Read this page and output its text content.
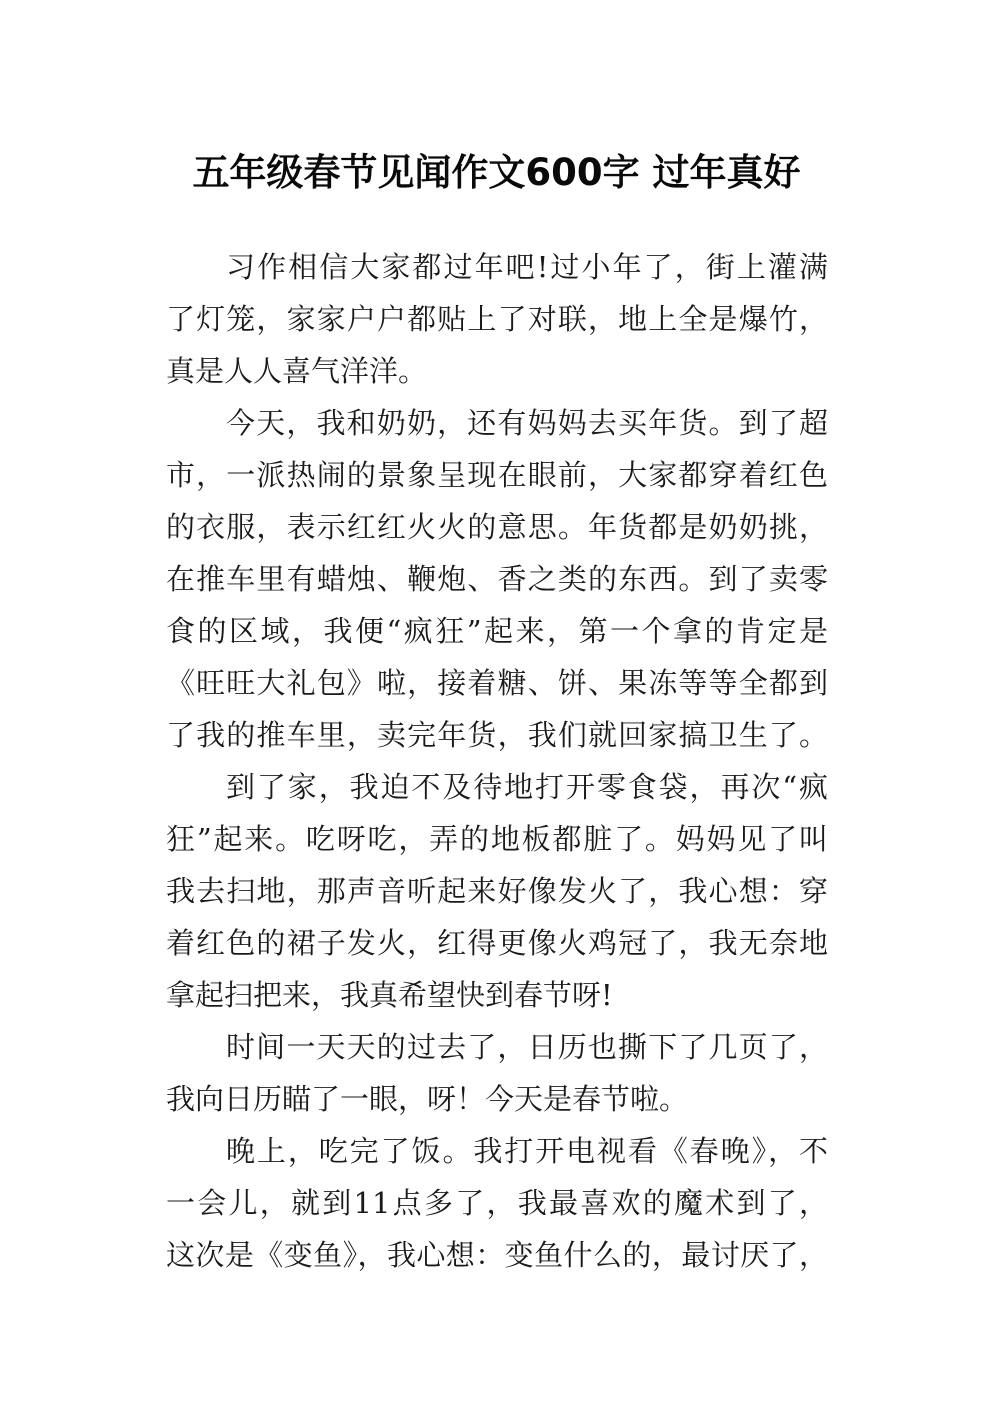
五年级春节见闻作文600字 过年真好
习作相信大家都过年吧!过小年了，街上灌满
了灯笼，家家户户都贴上了对联，地上全是爆竹，
真是人人喜气洋洋。
今天，我和奶奶，还有妈妈去买年货。到了超
市，一派热闹的景象呈现在眼前，大家都穿着红色
的衣服，表示红红火火的意思。年货都是奶奶挑，
在推车里有蜡烛、鞭炮、香之类的东西。到了卖零
食的区域，我便“疯狂”起来，第一个拿的肯定是
《旺旺大礼包》啦，接着糖、饼、果冻等等全都到
了我的推车里，卖完年货，我们就回家搞卫生了。
到了家，我迫不及待地打开零食袋，再次“疯
狂”起来。吃呀吃，弄的地板都脏了。妈妈见了叫
我去扫地，那声音听起来好像发火了，我心想：穿
着红色的裙子发火，红得更像火鸡冠了，我无奈地
拿起扫把来，我真希望快到春节呀!
时间一天天的过去了，日历也撕下了几页了，
我向日历瞄了一眼，呀！今天是春节啦。
晚上，吃完了饭。我打开电视看《春晚》，不
一会儿，就到11点多了，我最喜欢的魔术到了，
这次是《变鱼》，我心想：变鱼什么的，最讨厌了，
